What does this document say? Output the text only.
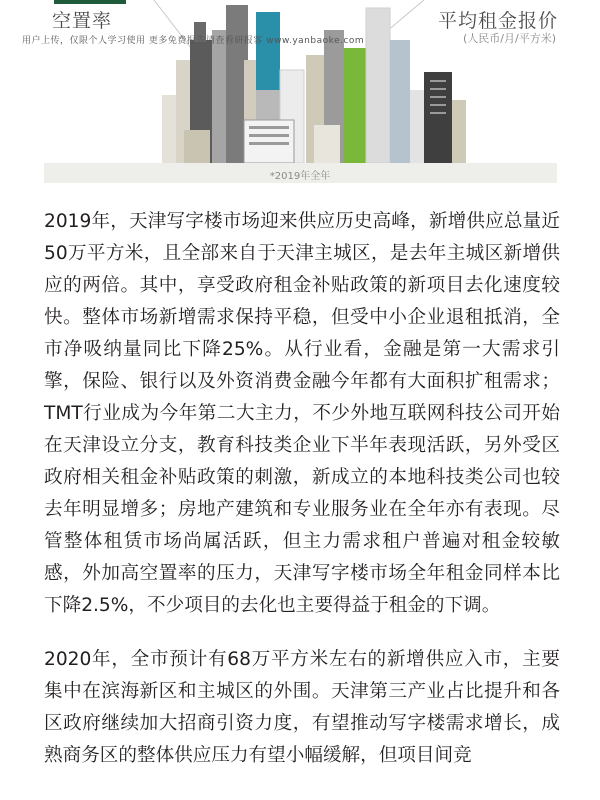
空置率	平均租金报价
(人民币/月/平方米)
用户上传，仅限个人学习使用 更多免费报告请查看研报客 www.yanbaoke.com
*2019年全年

2019年，天津写字楼市场迎来供应历史高峰，新增供应总量近50万平方米，且全部来自于天津主城区，是去年主城区新增供应的两倍。其中，享受政府租金补贴政策的新项目去化速度较快。整体市场新增需求保持平稳，但受中小企业退租抵消，全市净吸纳量同比下降25%。从行业看，金融是第一大需求引擎，保险、银行以及外资消费金融今年都有大面积扩租需求；TMT行业成为今年第二大主力，不少外地互联网科技公司开始在天津设立分支，教育科技类企业下半年表现活跃，另外受区政府相关租金补贴政策的刺激，新成立的本地科技类公司也较去年明显增多；房地产建筑和专业服务业在全年亦有表现。尽管整体租赁市场尚属活跃，但主力需求租户普遍对租金较敏感，外加高空置率的压力，天津写字楼市场全年租金同样本比下降2.5%，不少项目的去化也主要得益于租金的下调。

2020年，全市预计有68万平方米左右的新增供应入市，主要集中在滨海新区和主城区的外围。天津第三产业占比提升和各区政府继续加大招商引资力度，有望推动写字楼需求增长，成熟商务区的整体供应压力有望小幅缓解，但项目间竞
